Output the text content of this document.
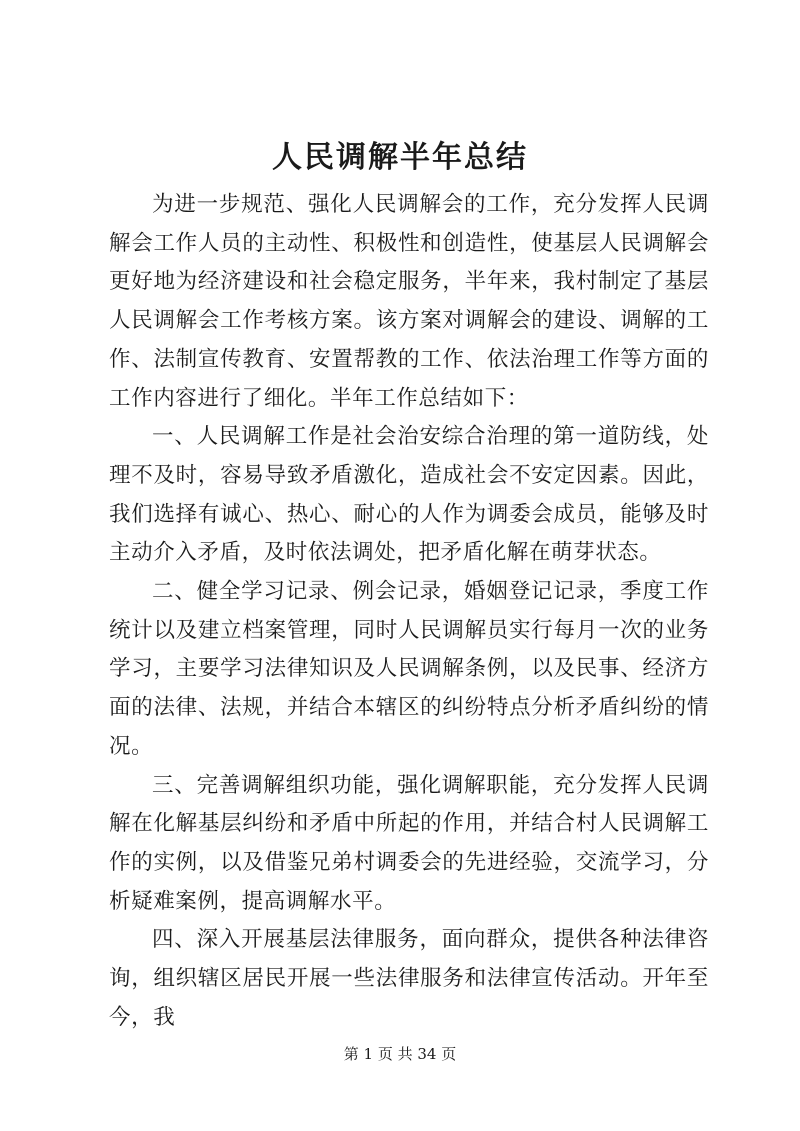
人民调解半年总结

为进一步规范、强化人民调解会的工作，充分发挥人民调解会工作人员的主动性、积极性和创造性，使基层人民调解会更好地为经济建设和社会稳定服务，半年来，我村制定了基层人民调解会工作考核方案。该方案对调解会的建设、调解的工作、法制宣传教育、安置帮教的工作、依法治理工作等方面的工作内容进行了细化。半年工作总结如下：

一、人民调解工作是社会治安综合治理的第一道防线，处理不及时，容易导致矛盾激化，造成社会不安定因素。因此，我们选择有诚心、热心、耐心的人作为调委会成员，能够及时主动介入矛盾，及时依法调处，把矛盾化解在萌芽状态。

二、健全学习记录、例会记录，婚姻登记记录，季度工作统计以及建立档案管理，同时人民调解员实行每月一次的业务学习，主要学习法律知识及人民调解条例，以及民事、经济方面的法律、法规，并结合本辖区的纠纷特点分析矛盾纠纷的情况。

三、完善调解组织功能，强化调解职能，充分发挥人民调解在化解基层纠纷和矛盾中所起的作用，并结合村人民调解工作的实例，以及借鉴兄弟村调委会的先进经验，交流学习，分析疑难案例，提高调解水平。

四、深入开展基层法律服务，面向群众，提供各种法律咨询，组织辖区居民开展一些法律服务和法律宣传活动。开年至今，我

第 1 页 共 34 页
